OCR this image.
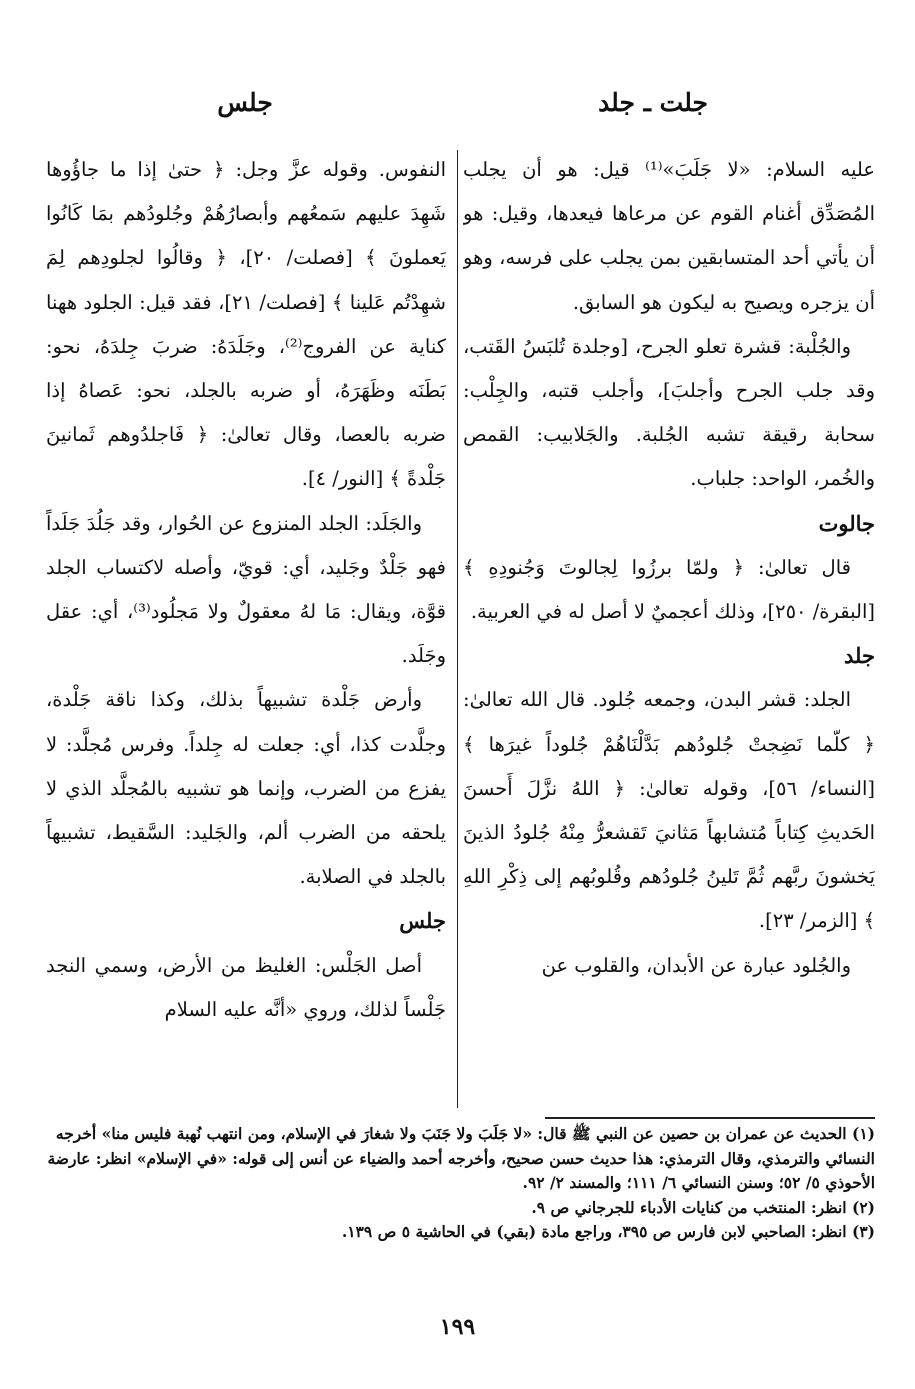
جلت ـ جلد
جلس

عليه السلام: «لا جَلَبَ»⁽¹⁾ قيل: هو أن يجلب المُصَدِّق أغنام القوم عن مرعاها فيعدها، وقيل: هو أن يأتي أحد المتسابقين بمن يجلب على فرسه، وهو أن يزجره ويصيح به ليكون هو السابق.

والجُلْبة: قشرة تعلو الجرح، [وجلدة تُلبَسُ القَتب، وقد جلب الجرح وأجلبَ]، وأجلب قتبه، والجِلْب: سحابة رقيقة تشبه الجُلبة. والجَلابيب: القمص والخُمر، الواحد: جلباب.

جالوت

قال تعالىٰ: ﴿ ولمّا برزُوا لِجالوتَ وَجُنودِهِ ﴾ [البقرة/ ٢٥٠]، وذلك أعجميٌ لا أصل له في العربية.

جلد

الجلد: قشر البدن، وجمعه جُلود. قال الله تعالىٰ: ﴿ كلّما نَضِجتْ جُلودُهم بَدَّلْنَاهُمْ جُلوداً غيرَها ﴾ [النساء/ ٥٦]، وقوله تعالىٰ: ﴿ اللهُ نزَّلَ أَحسنَ الحَديثِ كِتاباً مُتشابهاً مَثانيَ تَقشعرُّ مِنْهُ جُلودُ الذينَ يَخشونَ ربَّهم ثُمَّ تَلينُ جُلودُهم وقُلوبُهم إلى ذِكْرِ اللهِ ﴾ [الزمر/ ٢٣].

والجُلود عبارة عن الأبدان، والقلوب عن

النفوس. وقوله عزَّ وجل: ﴿ حتىٰ إذا ما جاؤُوها شَهِدَ عليهم سَمعُهم وأبصارُهُمْ وجُلودُهم بمَا كَانُوا يَعملونَ ﴾ [فصلت/ ٢٠]، ﴿ وقالُوا لجلودِهم لِمَ شهِدْتُم عَلينا ﴾ [فصلت/ ٢١]، فقد قيل: الجلود ههنا كناية عن الفروج⁽²⁾، وجَلَدَهُ: ضربَ جِلدَهُ، نحو: بَطَنَه وظَهَرَهُ، أو ضربه بالجلد، نحو: عَصاهُ إذا ضربه بالعصا، وقال تعالىٰ: ﴿ فَاجلدُوهم ثَمانينَ جَلْدةً ﴾ [النور/ ٤].

والجَلَد: الجلد المنزوع عن الحُوار، وقد جَلُدَ جَلَداً فهو جَلْدٌ وجَليد، أي: قويّ، وأصله لاكتساب الجلد قوَّة، ويقال: مَا لهُ معقولٌ ولا مَجلُود⁽³⁾، أي: عقل وجَلَد.

وأرض جَلْدة تشبيهاً بذلك، وكذا ناقة جَلْدة، وجلَّدت كذا، أي: جعلت له جِلداً. وفرس مُجلَّد: لا يفزع من الضرب، وإنما هو تشبيه بالمُجلَّد الذي لا يلحقه من الضرب ألم، والجَليد: السَّقيط، تشبيهاً بالجلد في الصلابة.

جلس

أصل الجَلْس: الغليظ من الأرض، وسمي النجد جَلْساً لذلك، وروي «أنَّه عليه السلام

(١) الحديث عن عمران بن حصين عن النبي ﷺ قال: «لا جَلَبَ ولا جَنَبَ ولا شغارَ في الإسلام، ومن انتهب نُهبة فليس منا» أخرجه النسائي والترمذي، وقال الترمذي: هذا حديث حسن صحيح، وأخرجه أحمد والضياء عن أنس إلى قوله: «في الإسلام» انظر: عارضة الأحوذي ٥/ ٥٢؛ وسنن النسائي ٦/ ١١١؛ والمسند ٢/ ٩٢.

(٢) انظر: المنتخب من كنايات الأدباء للجرجاني ص ٩.

(٣) انظر: الصاحبي لابن فارس ص ٣٩٥، وراجع مادة (بقي) في الحاشية ٥ ص ١٣٩.

١٩٩
